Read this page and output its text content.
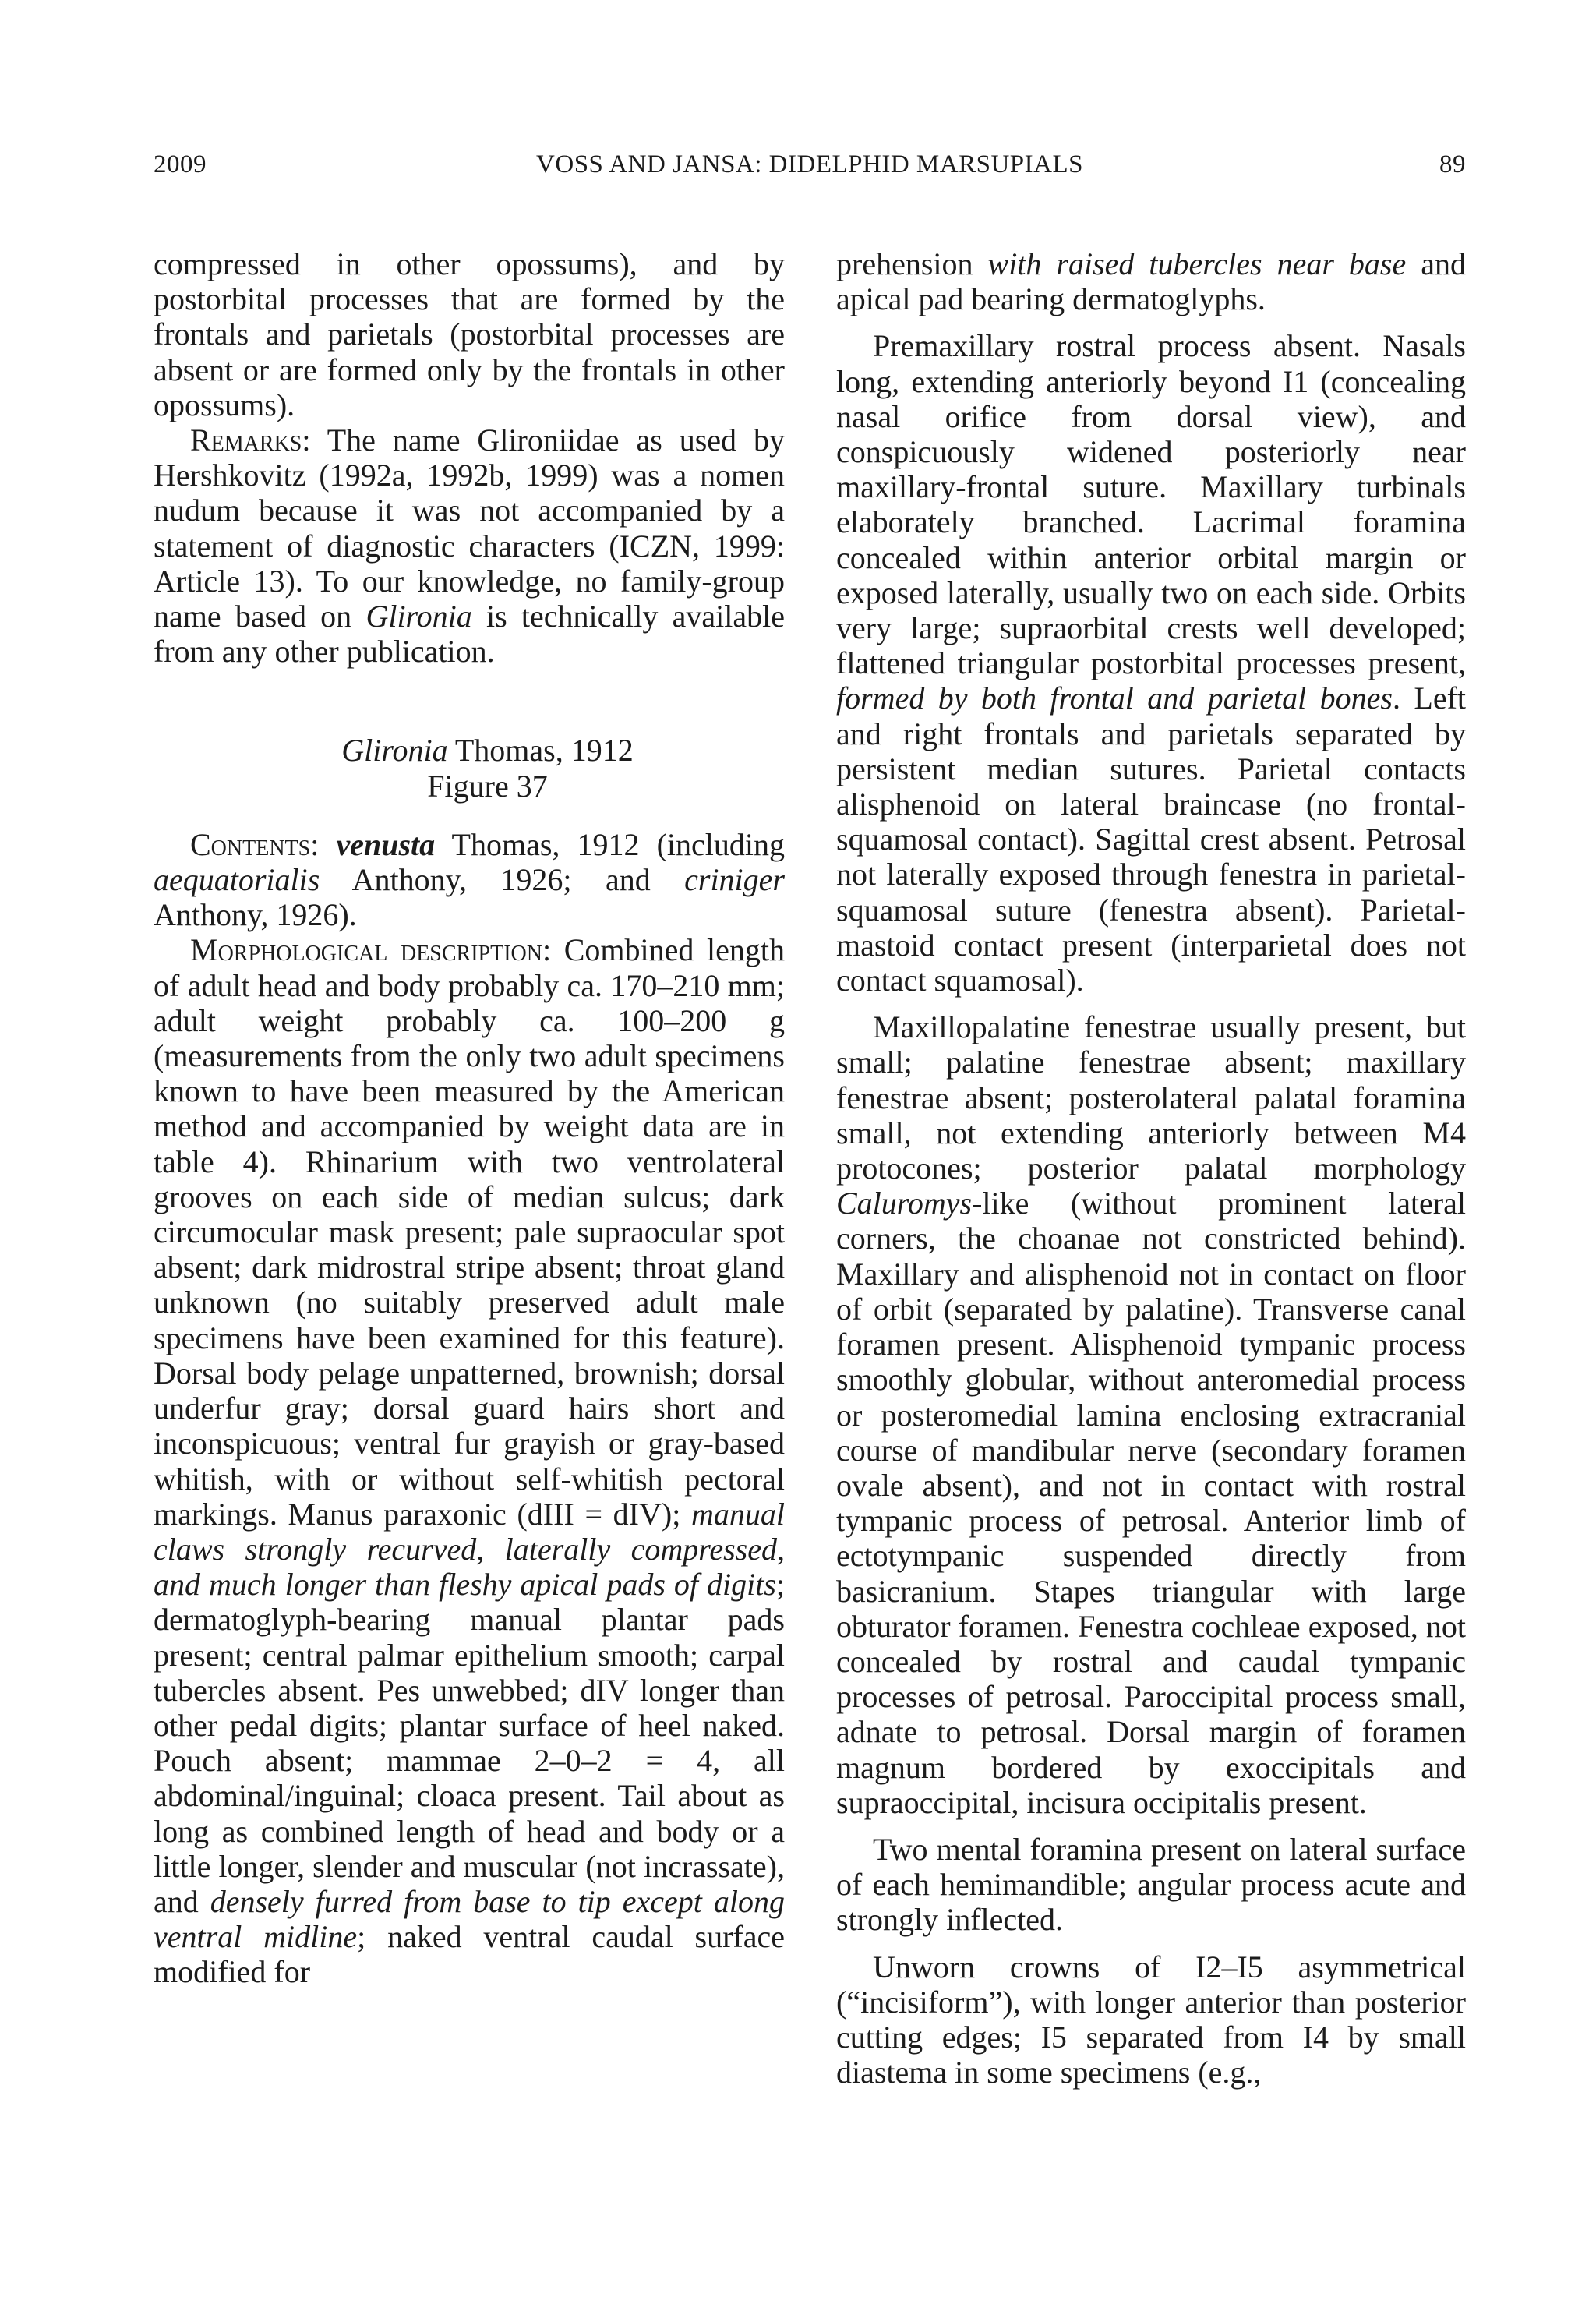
2009	VOSS AND JANSA: DIDELPHID MARSUPIALS	89

compressed in other opossums), and by postorbital processes that are formed by the frontals and parietals (postorbital processes are absent or are formed only by the frontals in other opossums).

Remarks: The name Glironiidae as used by Hershkovitz (1992a, 1992b, 1999) was a nomen nudum because it was not accompanied by a statement of diagnostic characters (ICZN, 1999: Article 13). To our knowledge, no family-group name based on Glironia is technically available from any other publication.

Glironia Thomas, 1912

Figure 37

Contents: venusta Thomas, 1912 (including aequatorialis Anthony, 1926; and criniger Anthony, 1926).

Morphological description: Combined length of adult head and body probably ca. 170–210 mm; adult weight probably ca. 100–200 g (measurements from the only two adult specimens known to have been measured by the American method and accompanied by weight data are in table 4). Rhinarium with two ventrolateral grooves on each side of median sulcus; dark circumocular mask present; pale supraocular spot absent; dark midrostral stripe absent; throat gland unknown (no suitably preserved adult male specimens have been examined for this feature). Dorsal body pelage unpatterned, brownish; dorsal underfur gray; dorsal guard hairs short and inconspicuous; ventral fur grayish or gray-based whitish, with or without self-whitish pectoral markings. Manus paraxonic (dIII = dIV); manual claws strongly recurved, laterally compressed, and much longer than fleshy apical pads of digits; dermatoglyph-bearing manual plantar pads present; central palmar epithelium smooth; carpal tubercles absent. Pes unwebbed; dIV longer than other pedal digits; plantar surface of heel naked. Pouch absent; mammae 2–0–2 = 4, all abdominal/inguinal; cloaca present. Tail about as long as combined length of head and body or a little longer, slender and muscular (not incrassate), and densely furred from base to tip except along ventral midline; naked ventral caudal surface modified for

prehension with raised tubercles near base and apical pad bearing dermatoglyphs.

Premaxillary rostral process absent. Nasals long, extending anteriorly beyond I1 (concealing nasal orifice from dorsal view), and conspicuously widened posteriorly near maxillary-frontal suture. Maxillary turbinals elaborately branched. Lacrimal foramina concealed within anterior orbital margin or exposed laterally, usually two on each side. Orbits very large; supraorbital crests well developed; flattened triangular postorbital processes present, formed by both frontal and parietal bones. Left and right frontals and parietals separated by persistent median sutures. Parietal contacts alisphenoid on lateral braincase (no frontal-squamosal contact). Sagittal crest absent. Petrosal not laterally exposed through fenestra in parietal-squamosal suture (fenestra absent). Parietal-mastoid contact present (interparietal does not contact squamosal).

Maxillopalatine fenestrae usually present, but small; palatine fenestrae absent; maxillary fenestrae absent; posterolateral palatal foramina small, not extending anteriorly between M4 protocones; posterior palatal morphology Caluromys-like (without prominent lateral corners, the choanae not constricted behind). Maxillary and alisphenoid not in contact on floor of orbit (separated by palatine). Transverse canal foramen present. Alisphenoid tympanic process smoothly globular, without anteromedial process or posteromedial lamina enclosing extracranial course of mandibular nerve (secondary foramen ovale absent), and not in contact with rostral tympanic process of petrosal. Anterior limb of ectotympanic suspended directly from basicranium. Stapes triangular with large obturator foramen. Fenestra cochleae exposed, not concealed by rostral and caudal tympanic processes of petrosal. Paroccipital process small, adnate to petrosal. Dorsal margin of foramen magnum bordered by exoccipitals and supraoccipital, incisura occipitalis present.

Two mental foramina present on lateral surface of each hemimandible; angular process acute and strongly inflected.

Unworn crowns of I2–I5 asymmetrical (“incisiform”), with longer anterior than posterior cutting edges; I5 separated from I4 by small diastema in some specimens (e.g.,
